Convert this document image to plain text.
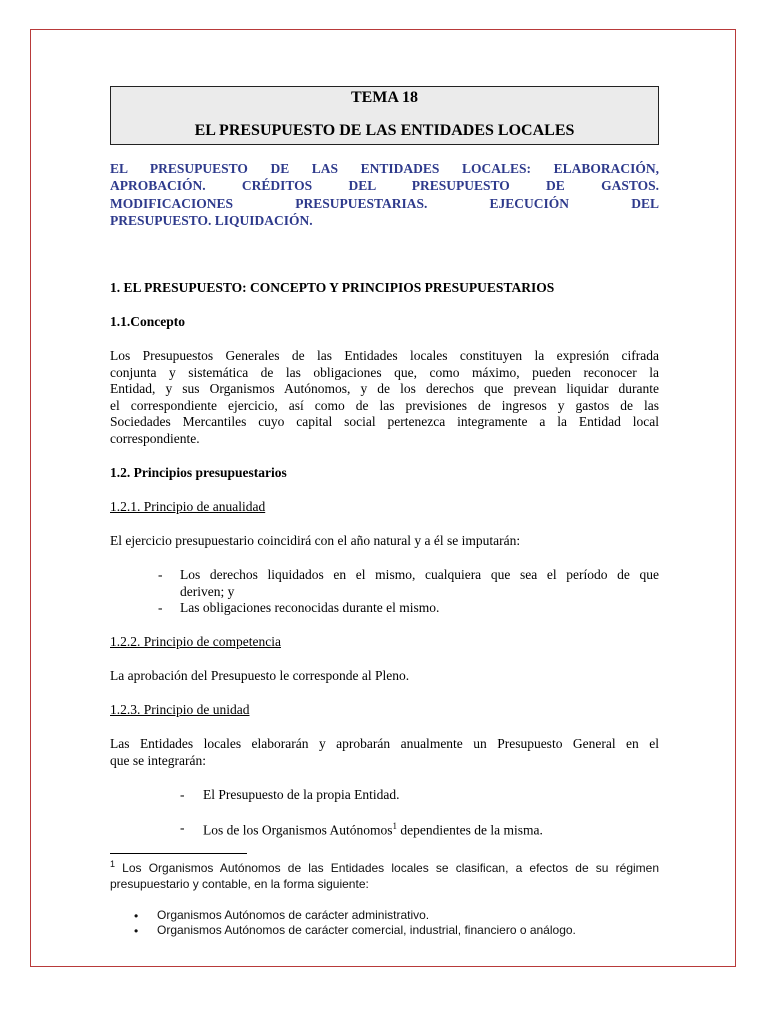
TEMA 18
EL PRESUPUESTO DE LAS ENTIDADES LOCALES
EL PRESUPUESTO DE LAS ENTIDADES LOCALES: ELABORACIÓN,
APROBACIÓN. CRÉDITOS DEL PRESUPUESTO DE GASTOS.
MODIFICACIONES PRESUPUESTARIAS. EJECUCIÓN DEL
PRESUPUESTO. LIQUIDACIÓN.
1. EL PRESUPUESTO: CONCEPTO Y PRINCIPIOS PRESUPUESTARIOS
1.1.Concepto
Los Presupuestos Generales de las Entidades locales constituyen la expresión cifrada
conjunta y sistemática de las obligaciones que, como máximo, pueden reconocer la
Entidad, y sus Organismos Autónomos, y de los derechos que prevean liquidar durante
el correspondiente ejercicio, así como de las previsiones de ingresos y gastos de las
Sociedades Mercantiles cuyo capital social pertenezca integramente a la Entidad local
correspondiente.
1.2. Principios presupuestarios
1.2.1. Principio de anualidad
El ejercicio presupuestario coincidirá con el año natural y a él se imputarán:
- Los derechos liquidados en el mismo, cualquiera que sea el período de que
deriven; y
- Las obligaciones reconocidas durante el mismo.
1.2.2. Principio de competencia
La aprobación del Presupuesto le corresponde al Pleno.
1.2.3. Principio de unidad
Las Entidades locales elaborarán y aprobarán anualmente un Presupuesto General en el
que se integrarán:
- El Presupuesto de la propia Entidad.
- Los de los Organismos Autónomos$^1$ dependientes de la misma.
$^1$ Los Organismos Autónomos de las Entidades locales se clasifican, a efectos de su régimen
presupuestario y contable, en la forma siguiente:
• Organismos Autónomos de carácter administrativo.
• Organismos Autónomos de carácter comercial, industrial, financiero o análogo.
